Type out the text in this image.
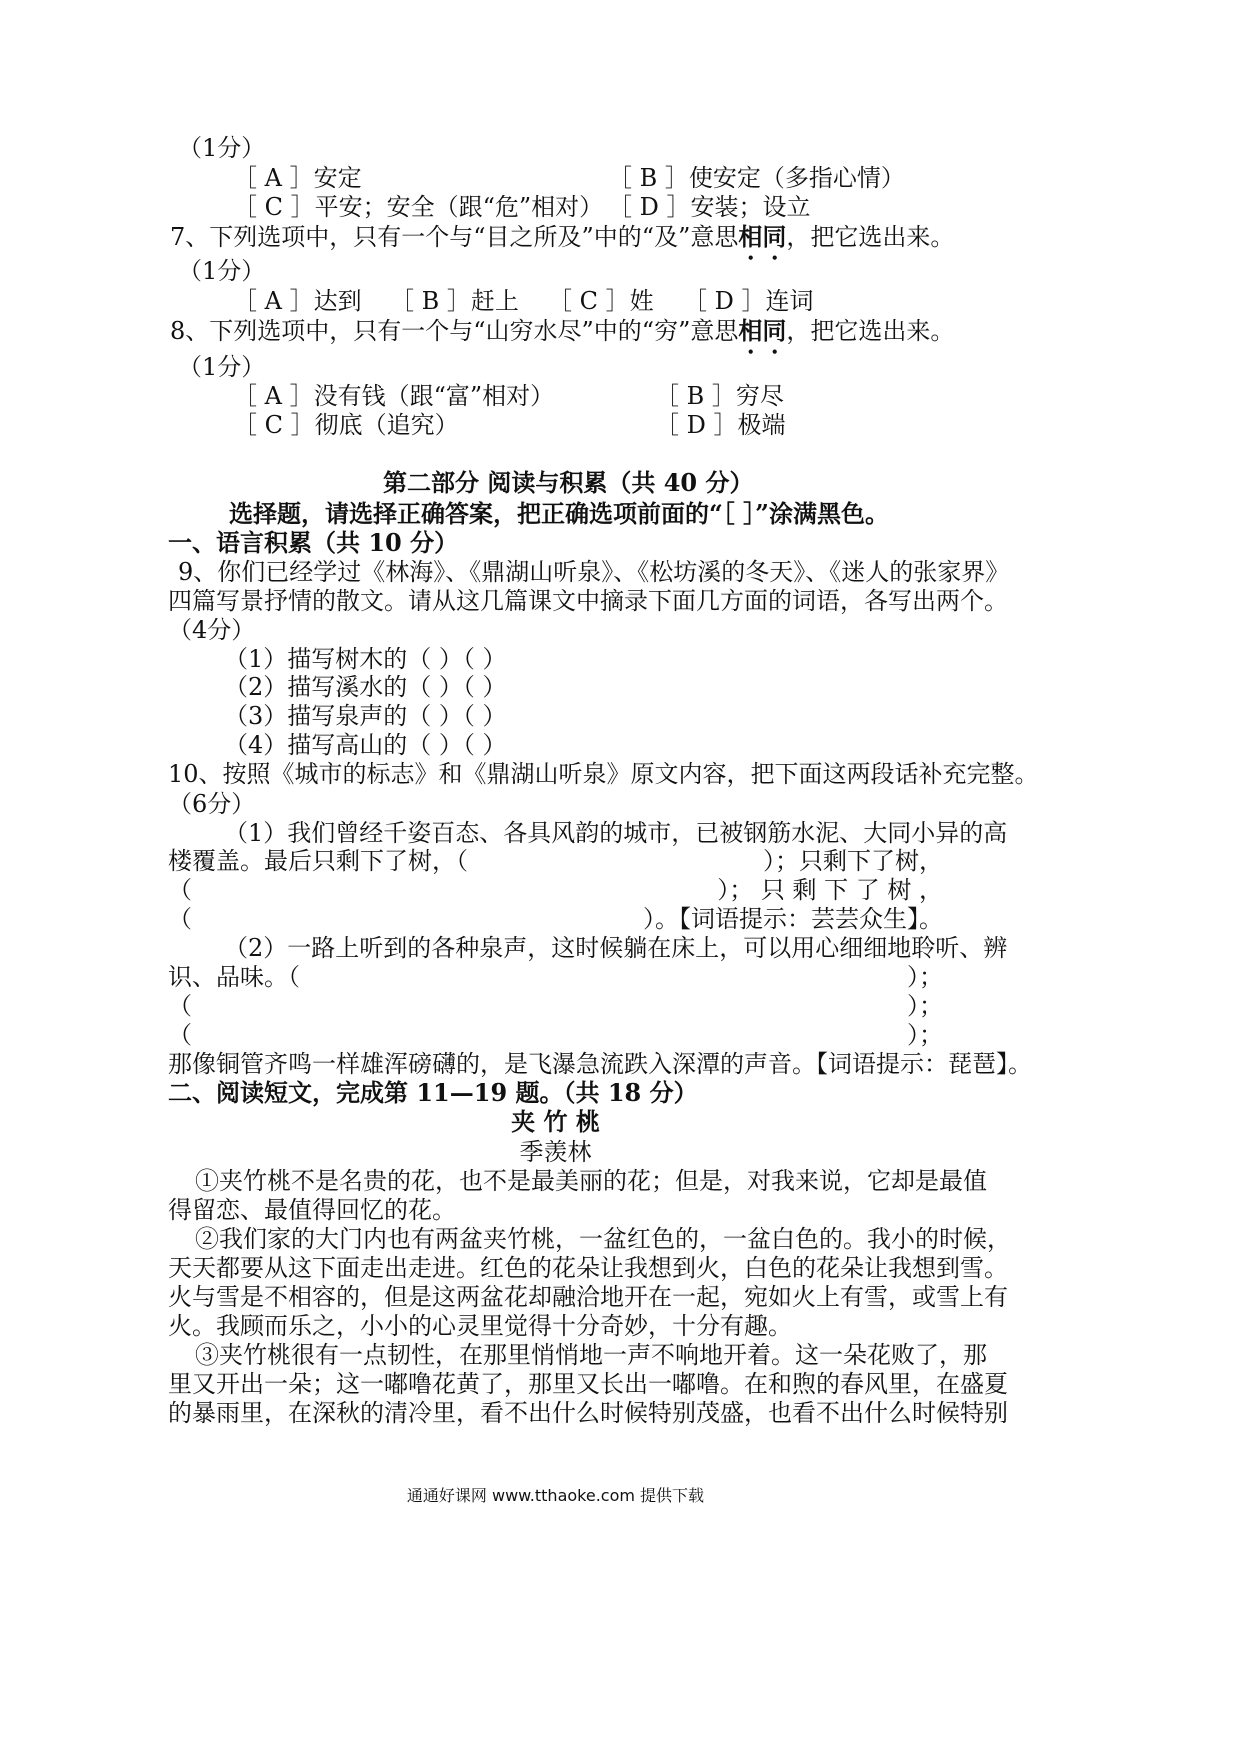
（1分）
［ A ］安定	［ B ］使安定（多指心情）
［ C ］平安；安全（跟“危”相对） ［ D ］安装；设立
7、下列选项中，只有一个与“目之所及”中的“及”意思相同，把它选出来。
（1分）
［ A ］达到 ［ B ］赶上 ［ C ］姓 ［ D ］连词
8、下列选项中，只有一个与“山穷水尽”中的“穷”意思相同，把它选出来。
（1分）
［ A ］没有钱（跟“富”相对）	［ B ］穷尽
［ C ］彻底（追究）	［ D ］极端
第二部分 阅读与积累（共 40 分）
选择题，请选择正确答案，把正确选项前面的“［ ］”涂满黑色。
一、语言积累（共 10 分）
9、你们已经学过《林海》、《鼎湖山听泉》、《松坊溪的冬天》、《迷人的张家界》
四篇写景抒情的散文。请从这几篇课文中摘录下面几方面的词语，各写出两个。
（4分）
（1）描写树木的（ ）（ ）
（2）描写溪水的（ ）（ ）
（3）描写泉声的（ ）（ ）
（4）描写高山的（ ）（ ）
10、按照《城市的标志》和《鼎湖山听泉》原文内容，把下面这两段话补充完整。
（6分）
（1）我们曾经千姿百态、各具风韵的城市，已被钢筋水泥、大同小异的高
楼覆盖。最后只剩下了树，（	）；只剩下了树，
（	）； 只 剩 下 了 树 ，
（	）。【词语提示：芸芸众生】。
（2）一路上听到的各种泉声，这时候躺在床上，可以用心细细地聆听、辨
识、品味。（	）；
（	）；
（	）；
那像铜管齐鸣一样雄浑磅礴的，是飞瀑急流跌入深潭的声音。【词语提示：琵琶】。
二、阅读短文，完成第 11—19 题。（共 18 分）
夹 竹 桃
季羡林
①夹竹桃不是名贵的花，也不是最美丽的花；但是，对我来说，它却是最值
得留恋、最值得回忆的花。
②我们家的大门内也有两盆夹竹桃，一盆红色的，一盆白色的。我小的时候，
天天都要从这下面走出走进。红色的花朵让我想到火，白色的花朵让我想到雪。
火与雪是不相容的，但是这两盆花却融洽地开在一起，宛如火上有雪，或雪上有
火。我顾而乐之，小小的心灵里觉得十分奇妙，十分有趣。
③夹竹桃很有一点韧性，在那里悄悄地一声不响地开着。这一朵花败了，那
里又开出一朵；这一嘟噜花黄了，那里又长出一嘟噜。在和煦的春风里，在盛夏
的暴雨里，在深秋的清冷里，看不出什么时候特别茂盛，也看不出什么时候特别
通通好课网 www.tthaoke.com 提供下载
